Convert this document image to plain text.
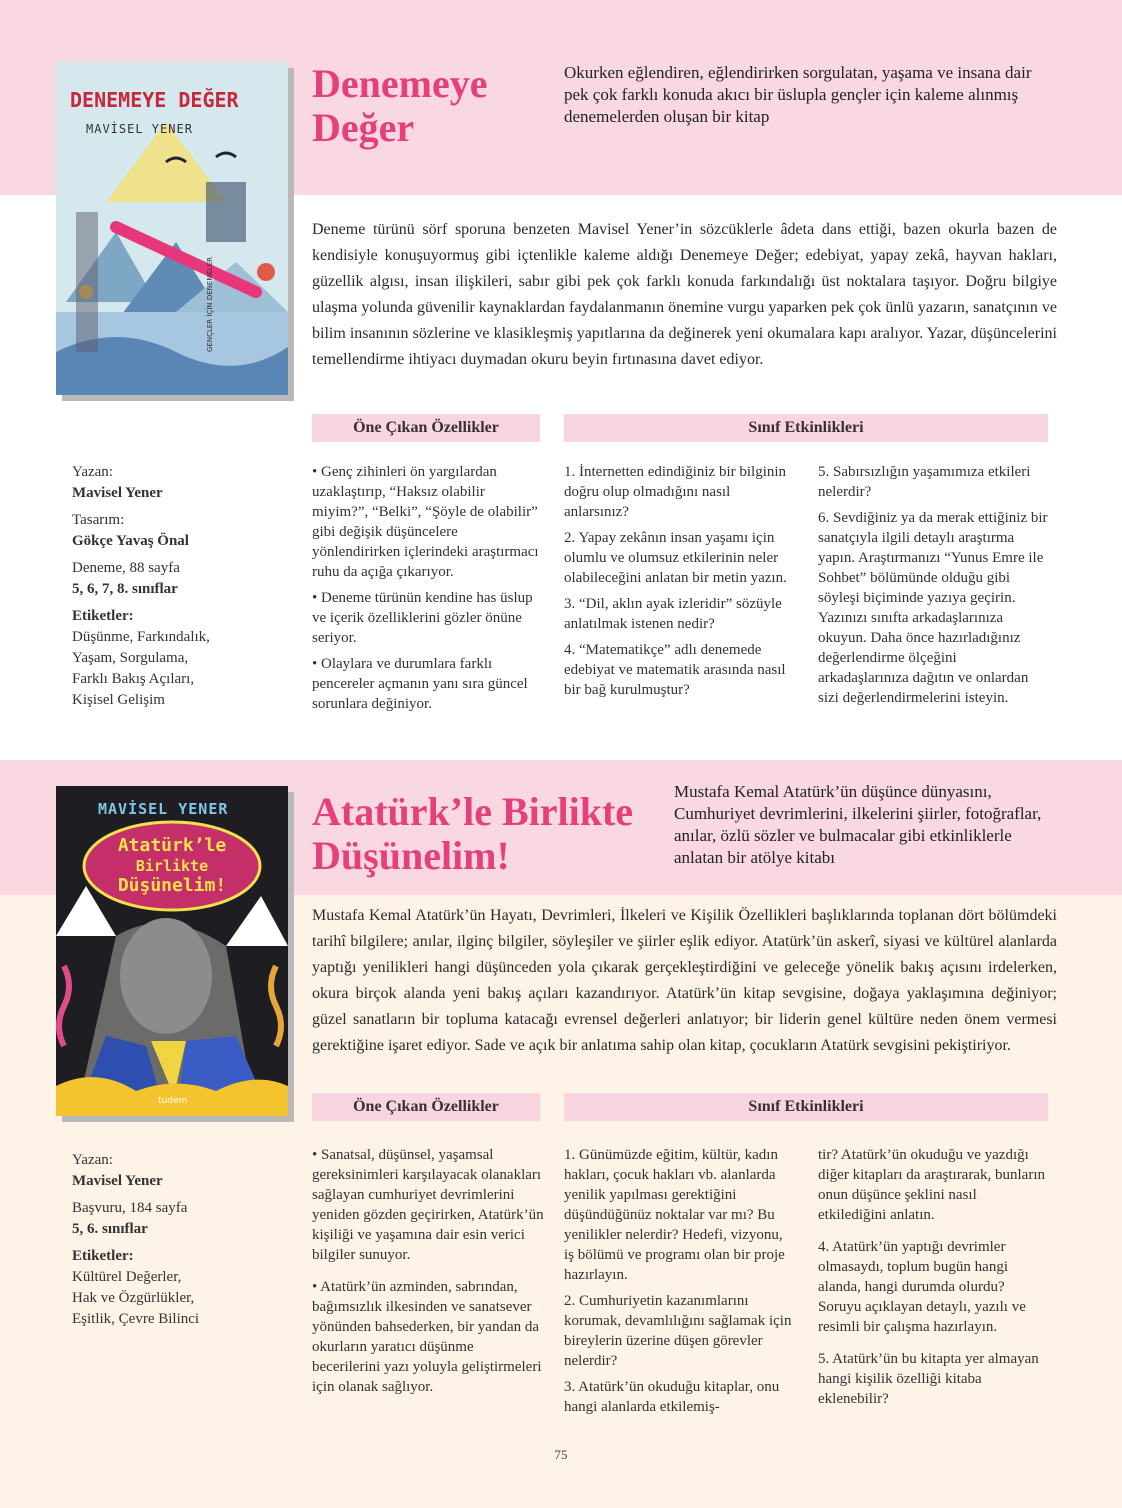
DENEMEYE DEĞER
MAVİSEL YENER
GENÇLER İÇİN DENEMELER
Denemeye
Değer
Okurken eğlendiren, eğlendirirken sorgulatan, yaşama ve insana dair pek çok farklı konuda akıcı bir üslupla gençler için kaleme alınmış denemelerden oluşan bir kitap
Deneme türünü sörf sporuna benzeten Mavisel Yener’in sözcüklerle âdeta dans ettiği, bazen okurla bazen de kendisiyle konuşuyormuş gibi içtenlikle kaleme aldığı Denemeye Değer; edebiyat, yapay zekâ, hayvan hakları, güzellik algısı, insan ilişkileri, sabır gibi pek çok farklı konuda farkındalığı üst noktalara taşıyor. Doğru bilgiye ulaşma yolunda güvenilir kaynaklardan faydalanmanın önemine vurgu yaparken pek çok ünlü yazarın, sanatçının ve bilim insanının sözlerine ve klasikleşmiş yapıtlarına da değinerek yeni okumalara kapı aralıyor. Yazar, düşüncelerini temellendirme ihtiyacı duymadan okuru beyin fırtınasına davet ediyor.
Öne Çıkan Özellikler	Sınıf Etkinlikleri
Yazan:
Mavisel Yener
Tasarım:
Gökçe Yavaş Önal
Deneme, 88 sayfa
5, 6, 7, 8. sınıflar
Etiketler:
Düşünme, Farkındalık,
Yaşam, Sorgulama,
Farklı Bakış Açıları,
Kişisel Gelişim

• Genç zihinleri ön yargılardan uzaklaştırıp, “Haksız olabilir miyim?”, “Belki”, “Şöyle de olabilir” gibi değişik düşüncelere yönlendirirken içlerindeki araştırmacı ruhu da açığa çıkarıyor.

• Deneme türünün kendine has üslup ve içerik özelliklerini gözler önüne seriyor.

• Olaylara ve durumlara farklı pencereler açmanın yanı sıra güncel sorunlara değiniyor.

1. İnternetten edindiğiniz bir bilginin doğru olup olmadığını nasıl anlarsınız?

2. Yapay zekânın insan yaşamı için olumlu ve olumsuz etkilerinin neler olabileceğini anlatan bir metin yazın.

3. “Dil, aklın ayak izleridir” sözüyle anlatılmak istenen nedir?

4. “Matematikçe” adlı denemede edebiyat ve matematik arasında nasıl bir bağ kurulmuştur?

5. Sabırsızlığın yaşamımıza etkileri nelerdir?

6. Sevdiğiniz ya da merak ettiğiniz bir sanatçıyla ilgili detaylı araştırma yapın. Araştırmanızı “Yunus Emre ile Sohbet” bölümünde olduğu gibi söyleşi biçiminde yazıya geçirin. Yazınızı sınıfta arkadaşlarınıza okuyun. Daha önce hazırladığınız değerlendirme ölçeğini arkadaşlarınıza dağıtın ve onlardan sizi değerlendirmelerini isteyin.

MAVİSEL YENER
Atatürk’le
Birlikte
Düşünelim!
tudem
Atatürk’le Birlikte
Düşünelim!
Mustafa Kemal Atatürk’ün düşünce dünyasını, Cumhuriyet devrimlerini, ilkelerini şiirler, fotoğraflar, anılar, özlü sözler ve bulmacalar gibi etkinliklerle anlatan bir atölye kitabı
Mustafa Kemal Atatürk’ün Hayatı, Devrimleri, İlkeleri ve Kişilik Özellikleri başlıklarında toplanan dört bölümdeki tarihî bilgilere; anılar, ilginç bilgiler, söyleşiler ve şiirler eşlik ediyor. Atatürk’ün askerî, siyasi ve kültürel alanlarda yaptığı yenilikleri hangi düşünceden yola çıkarak gerçekleştirdiğini ve geleceğe yönelik bakış açısını irdelerken, okura birçok alanda yeni bakış açıları kazandırıyor. Atatürk’ün kitap sevgisine, doğaya yaklaşımına değiniyor; güzel sanatların bir topluma katacağı evrensel değerleri anlatıyor; bir liderin genel kültüre neden önem vermesi gerektiğine işaret ediyor. Sade ve açık bir anlatıma sahip olan kitap, çocukların Atatürk sevgisini pekiştiriyor.
Öne Çıkan Özellikler	Sınıf Etkinlikleri
Yazan:
Mavisel Yener
Başvuru, 184 sayfa
5, 6. sınıflar
Etiketler:
Kültürel Değerler,
Hak ve Özgürlükler,
Eşitlik, Çevre Bilinci

• Sanatsal, düşünsel, yaşamsal gereksinimleri karşılayacak olanakları sağlayan cumhuriyet devrimlerini yeniden gözden geçirirken, Atatürk’ün kişiliği ve yaşamına dair esin verici bilgiler sunuyor.

• Atatürk’ün azminden, sabrından, bağımsızlık ilkesinden ve sanatsever yönünden bahsederken, bir yandan da okurların yaratıcı düşünme becerilerini yazı yoluyla geliştirmeleri için olanak sağlıyor.

1. Günümüzde eğitim, kültür, kadın hakları, çocuk hakları vb. alanlarda yenilik yapılması gerektiğini düşündüğünüz noktalar var mı? Bu yenilikler nelerdir? Hedefi, vizyonu, iş bölümü ve programı olan bir proje hazırlayın.

2. Cumhuriyetin kazanımlarını korumak, devamlılığını sağlamak için bireylerin üzerine düşen görevler nelerdir?

3. Atatürk’ün okuduğu kitaplar, onu hangi alanlarda etkilemiş-

tir? Atatürk’ün okuduğu ve yazdığı diğer kitapları da araştırarak, bunların onun düşünce şeklini nasıl etkilediğini anlatın.

4. Atatürk’ün yaptığı devrimler olmasaydı, toplum bugün hangi alanda, hangi durumda olurdu? Soruyu açıklayan detaylı, yazılı ve resimli bir çalışma hazırlayın.

5. Atatürk’ün bu kitapta yer almayan hangi kişilik özelliği kitaba eklenebilir?

75
